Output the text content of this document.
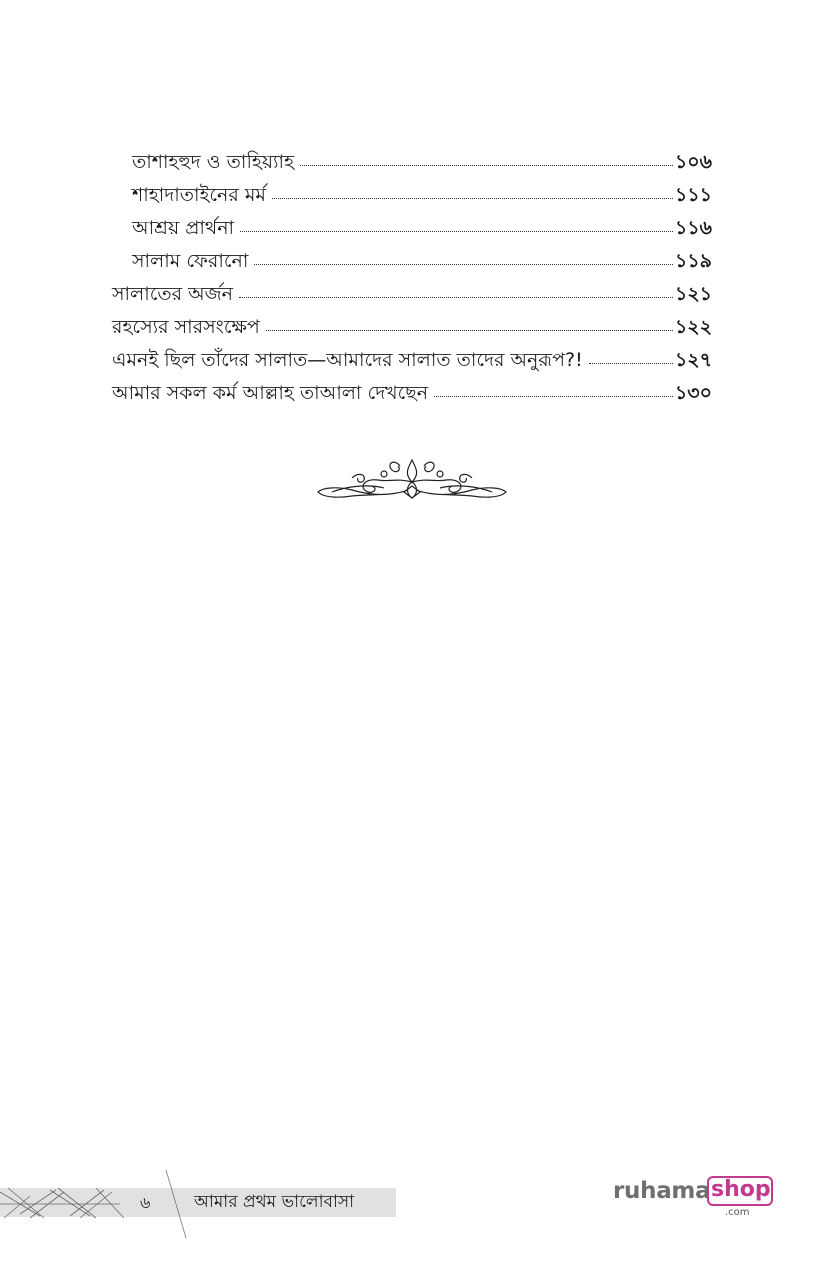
তাশাহহুদ ও তাহিয়্যাহ	১০৬
শাহাদাতাইনের মর্ম	১১১
আশ্রয় প্রার্থনা	১১৬
সালাম ফেরানো	১১৯
সালাতের অর্জন	১২১
রহস্যের সারসংক্ষেপ	১২২
এমনই ছিল তাঁদের সালাত—আমাদের সালাত তাদের অনুরূপ?!	১২৭
আমার সকল কর্ম আল্লাহ তাআলা দেখছেন	১৩০
৬	আমার প্রথম ভালোবাসা	ruhama shop
.com
